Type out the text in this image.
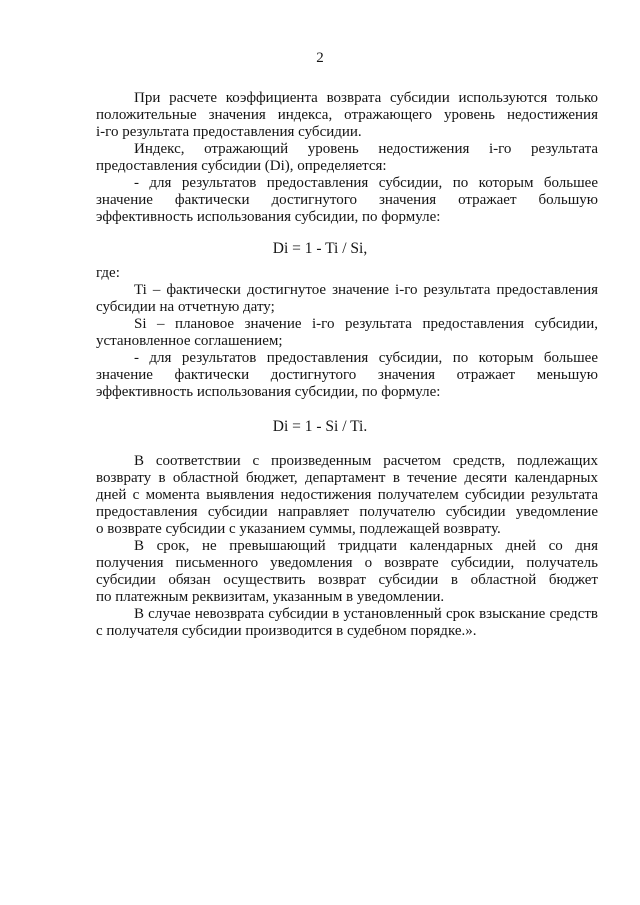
2
При расчете коэффициента возврата субсидии используются только
положительные значения индекса, отражающего уровень недостижения
i-го результата предоставления субсидии.
Индекс, отражающий уровень недостижения i-го результата
предоставления субсидии (Di), определяется:
- для результатов предоставления субсидии, по которым большее
значение фактически достигнутого значения отражает большую
эффективность использования субсидии, по формуле:
где:
Ti – фактически достигнутое значение i-го результата предоставления
субсидии на отчетную дату;
Si – плановое значение i-го результата предоставления субсидии,
установленное соглашением;
- для результатов предоставления субсидии, по которым большее
значение фактически достигнутого значения отражает меньшую
эффективность использования субсидии, по формуле:
В соответствии с произведенным расчетом средств, подлежащих
возврату в областной бюджет, департамент в течение десяти календарных
дней с момента выявления недостижения получателем субсидии результата
предоставления субсидии направляет получателю субсидии уведомление
о возврате субсидии с указанием суммы, подлежащей возврату.
В срок, не превышающий тридцати календарных дней со дня
получения письменного уведомления о возврате субсидии, получатель
субсидии обязан осуществить возврат субсидии в областной бюджет
по платежным реквизитам, указанным в уведомлении.
В случае невозврата субсидии в установленный срок взыскание средств
с получателя субсидии производится в судебном порядке.».
Di = 1 - Ti / Si,
Di = 1 - Si / Ti.
